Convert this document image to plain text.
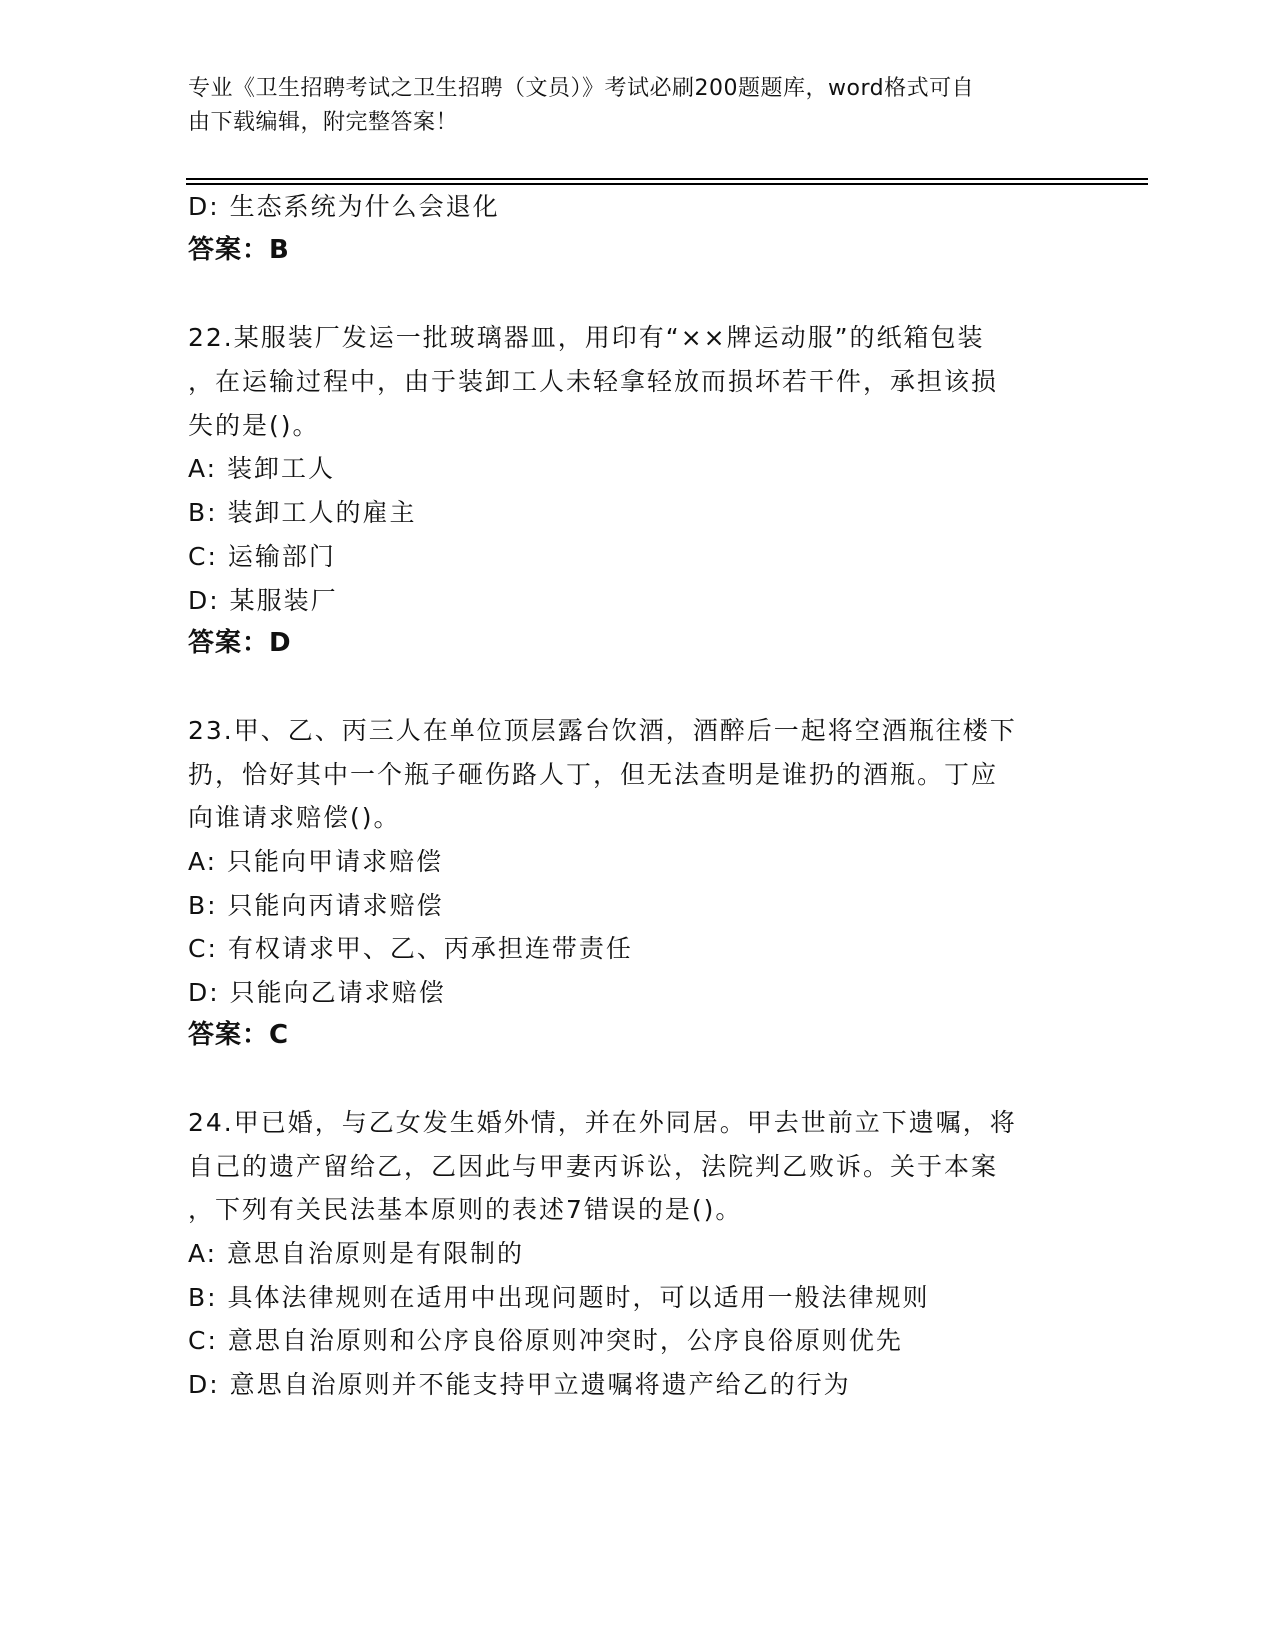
专业《卫生招聘考试之卫生招聘（文员）》考试必刷200题题库，word格式可自
由下载编辑，附完整答案！
D: 生态系统为什么会退化
答案：B
22.某服装厂发运一批玻璃器皿，用印有“××牌运动服”的纸箱包装
，在运输过程中，由于装卸工人未轻拿轻放而损坏若干件，承担该损
失的是()。
A: 装卸工人
B: 装卸工人的雇主
C: 运输部门
D: 某服装厂
答案：D
23.甲、乙、丙三人在单位顶层露台饮酒，酒醉后一起将空酒瓶往楼下
扔，恰好其中一个瓶子砸伤路人丁，但无法查明是谁扔的酒瓶。丁应
向谁请求赔偿()。
A: 只能向甲请求赔偿
B: 只能向丙请求赔偿
C: 有权请求甲、乙、丙承担连带责任
D: 只能向乙请求赔偿
答案：C
24.甲已婚，与乙女发生婚外情，并在外同居。甲去世前立下遗嘱，将
自己的遗产留给乙，乙因此与甲妻丙诉讼，法院判乙败诉。关于本案
，下列有关民法基本原则的表述7错误的是()。
A: 意思自治原则是有限制的
B: 具体法律规则在适用中出现问题时，可以适用一般法律规则
C: 意思自治原则和公序良俗原则冲突时，公序良俗原则优先
D: 意思自治原则并不能支持甲立遗嘱将遗产给乙的行为
